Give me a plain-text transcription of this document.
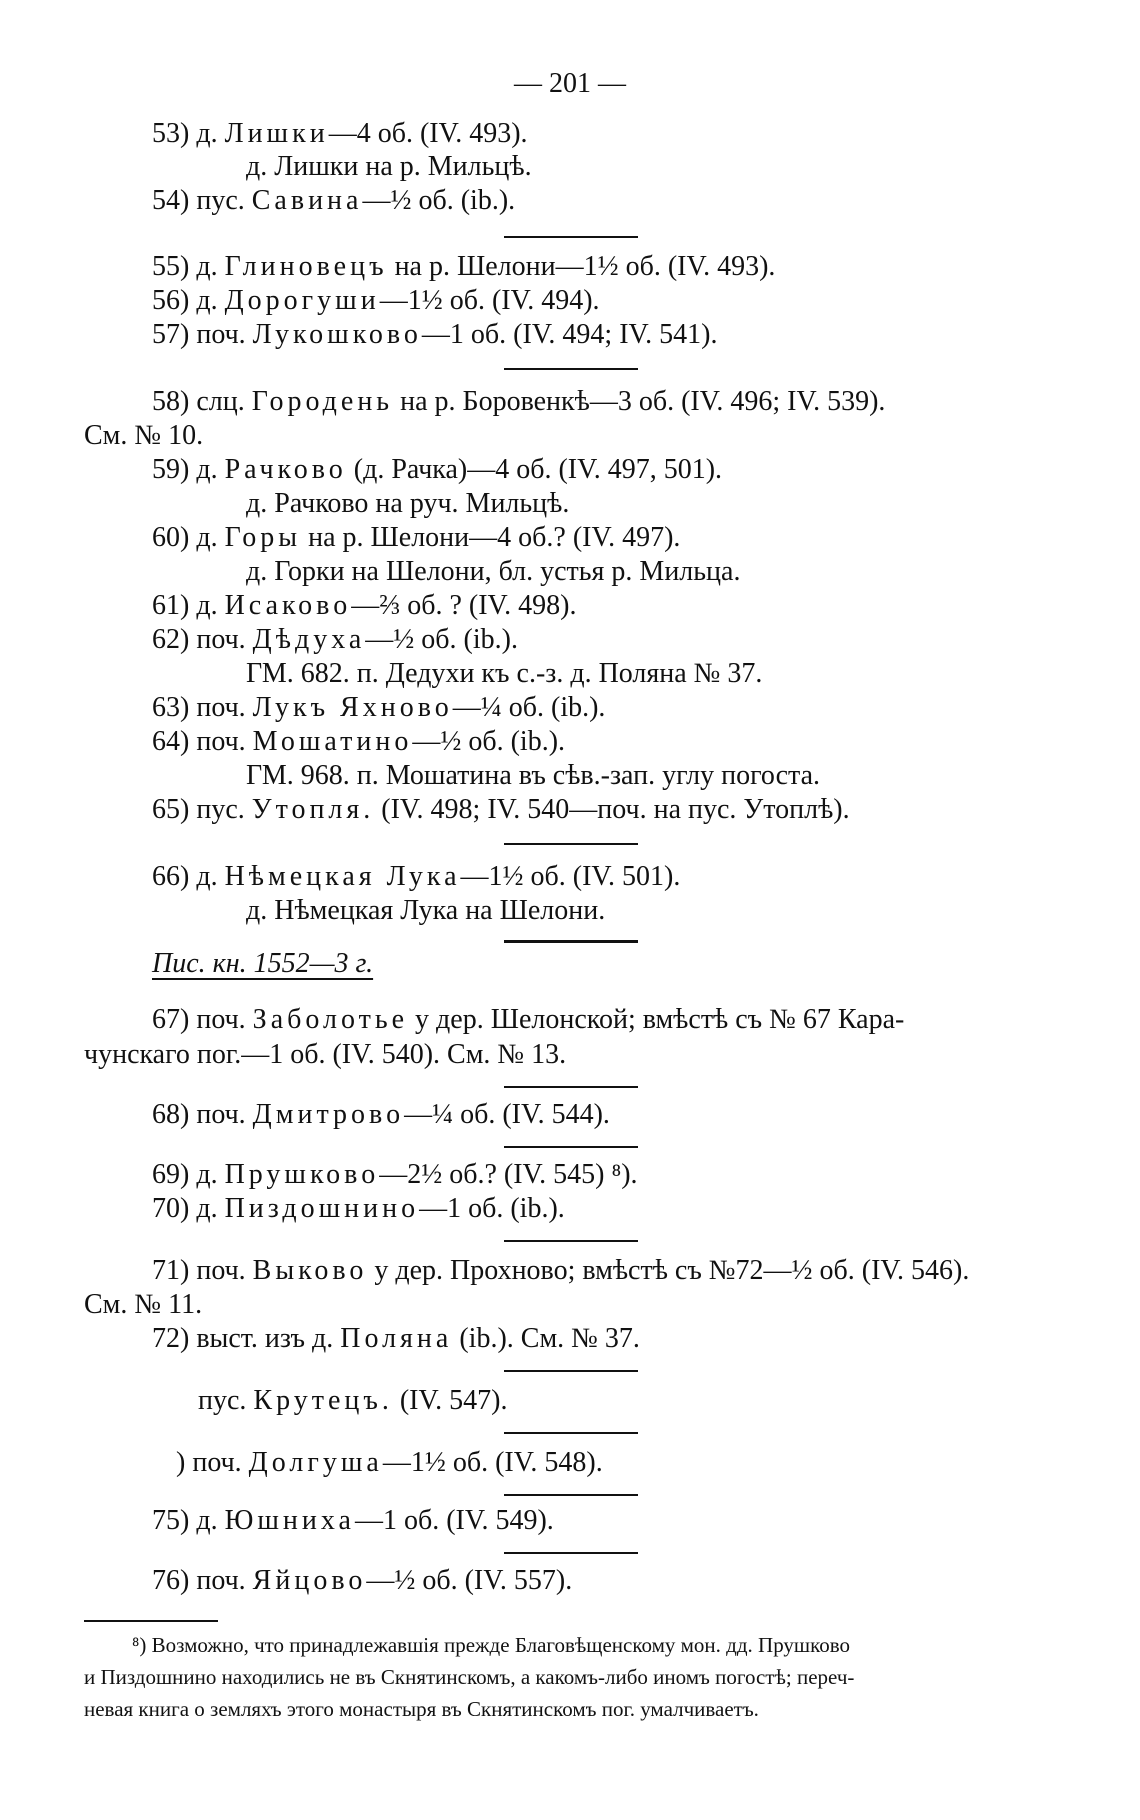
— 201 —
53) д. Лишки—4 об. (IV. 493).
д. Лишки на р. Мильцѣ.
54) пус. Савина—½ об. (ib.).
55) д. Глиновецъ на р. Шелони—1½ об. (IV. 493).
56) д. Дорогуши—1½ об. (IV. 494).
57) поч. Лукошково—1 об. (IV. 494; IV. 541).
58) слц. Городень на р. Боровенкѣ—3 об. (IV. 496; IV. 539).
См. № 10.
59) д. Рачково (д. Рачка)—4 об. (IV. 497, 501).
д. Рачково на руч. Мильцѣ.
60) д. Горы на р. Шелони—4 об.? (IV. 497).
д. Горки на Шелони, бл. устья р. Мильца.
61) д. Исаково—⅔ об. ? (IV. 498).
62) поч. Дѣдуха—½ об. (ib.).
ГМ. 682. п. Дедухи къ с.-з. д. Поляна № 37.
63) поч. Лукъ Яхново—¼ об. (ib.).
64) поч. Мошатино—½ об. (ib.).
ГМ. 968. п. Мошатина въ сѣв.-зап. углу погоста.
65) пус. Утопля. (IV. 498; IV. 540—поч. на пус. Утоплѣ).
66) д. Нѣмецкая Лука—1½ об. (IV. 501).
д. Нѣмецкая Лука на Шелони.
Пис. кн. 1552—3 г.
67) поч. Заболотье у дер. Шелонской; вмѣстѣ съ № 67 Кара-
чунскаго пог.—1 об. (IV. 540). См. № 13.
68) поч. Дмитрово—¼ об. (IV. 544).
69) д. Прушково—2½ об.? (IV. 545) ⁸).
70) д. Пиздошнино—1 об. (ib.).
71) поч. Выково у дер. Прохново; вмѣстѣ съ №72—½ об. (IV. 546).
См. № 11.
72) выст. изъ д. Поляна (ib.). См. № 37.
пус. Крутецъ. (IV. 547).
) поч. Долгуша—1½ об. (IV. 548).
75) д. Юшниха—1 об. (IV. 549).
76) поч. Яйцово—½ об. (IV. 557).
⁸) Возможно, что принадлежавшія прежде Благовѣщенскому мон. дд. Прушково
и Пиздошнино находились не въ Скнятинскомъ, а какомъ-либо иномъ погостѣ; переч-
невая книга о земляхъ этого монастыря въ Скнятинскомъ пог. умалчиваетъ.
